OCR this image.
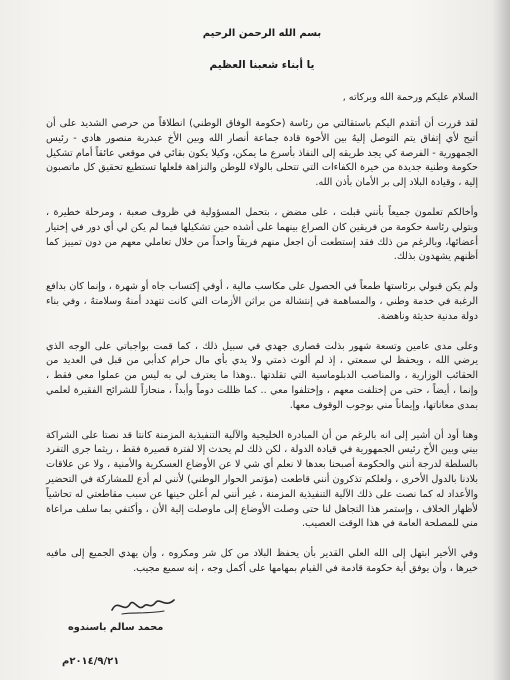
بسم الله الرحمن الرحيم

يا أبناء شعبنا العظيم

السلام عليكم ورحمة الله وبركاته ,

لقد قررت أن أتقدم اليكم باستقالتي من رئاسة (حكومة الوفاق الوطني) انطلاقاً من حرصي الشديد على أن أتيح لأي إتفاق يتم التوصل إليهُ بين الأخوة قادة جماعة أنصار الله وبين الأخ عبدربة منصور هادي - رئيس الجمهورية - الفرصة كي يجد طريقه إلى النفاذ بأسرع ما يمكن، وكيلا يكون بقائي في موقعي عائقاً أمام تشكيل حكومة وطنية جديدة من خيرة الكفاءات التي تتحلى بالولاء للوطن والنزاهة فلعلها تستطيع تحقيق كل ماتصبون إلية ، وقيادة البلاد إلى بر الأمان بأذن الله.

وأخالكم تعلمون جميعاً بأنني قبلت ، على مضض ، بتحمل المسؤولية في ظروف صعبة ، ومرحلة خطيرة ، وبتولي رئاسة حكومة من فريقين كان الصراع بينهما على أشده حين تشكيلها فيما لم يكن لي أي دور في إختيار أعضائها، وبالرغم من ذلك فقد إستطعت أن اجعل منهم فريقاً واحداً من خلال تعاملي معهم من دون تمييز كما أظنهم يشهدون بذلك.

ولم يكن قبولي برئاستها طمعاً في الحصول على مكاسب مالية ، أوفي إكتساب جاه أو شهرة ، وإنما كان بدافع الرغبة في خدمة وطني ، والمساهمة في إنتشالة من براثن الأزمات التي كانت تتهدد أمنهُ وسلامتهُ ، وفي بناء دولة مدنية حديثة وناهضة.

وعلى مدى عامين وتسعة شهور بذلت قصارى جهدي في سبيل ذلك ، كما قمت بواجباتي على الوجه الذي يرضي الله ، ويحفظ لي سمعتي ، إذ لم ألوث ذمتي ولا يدي بأي مال حرام كدأبي من قبل في العديد من الحقائب الوزارية ، والمناصب الدبلوماسية التي تقلدتها ..وهذا ما يعترف لي به ليس من عملوا معي فقط ، وإنما ، أيضاً ، حتى من إختلفت معهم ، وإختلفوا معي .. كما ظللت دوماً وأبداً ، منحازاً للشرائح الفقيرة لعلمي بمدى معاناتها، وإيماناً مني بوجوب الوقوف معها.

وهنا أود أن أشير إلى انه بالرغم من أن المبادرة الخليجية والآلية التنفيذية المزمنة كانتا قد نصتا على الشراكة بيني وبين الأخ رئيس الجمهورية في قيادة الدولة ، لكن ذلك لم يحدث إلا لفترة قصيرة فقط ، ريثما جرى التفرد بالسلطة لدرجة أنني والحكومة أصبحنا بعدها لا نعلم أي شي لا عن الأوضاع العسكرية والأمنية ، ولا عن علاقات بلادنا بالدول الأخرى ، ولعلكم تذكرون أنني قاطعت (مؤتمر الحوار الوطني) لأنني لم أدع للمشاركة في التحضير والأعداد له كما نصت على ذلك الآلية التنفيذية المزمنة ، غير أنني لم أعلن حينها عن سبب مقاطعتي له تحاشياً لأظهار الخلاف ، وإستمر هذا التجاهل لنا حتى وصلت الأوضاع إلى ماوصلت إلية الأن ، وأكتفي بما سلف مراعاة مني للمصلحة العامة في هذا الوقت العصيب.

وفي الأخير ابتهل إلى الله العلي القدير بأن يحفظ البلاد من كل شر ومكروه ، وأن يهدي الجميع إلى مافيه خيرها ، وأن يوفق أية حكومة قادمة في القيام بمهامها على أكمل وجه ، إنه سميع مجيب.

محمد سالم باسندوه
٢٠١٤/٩/٢١م
